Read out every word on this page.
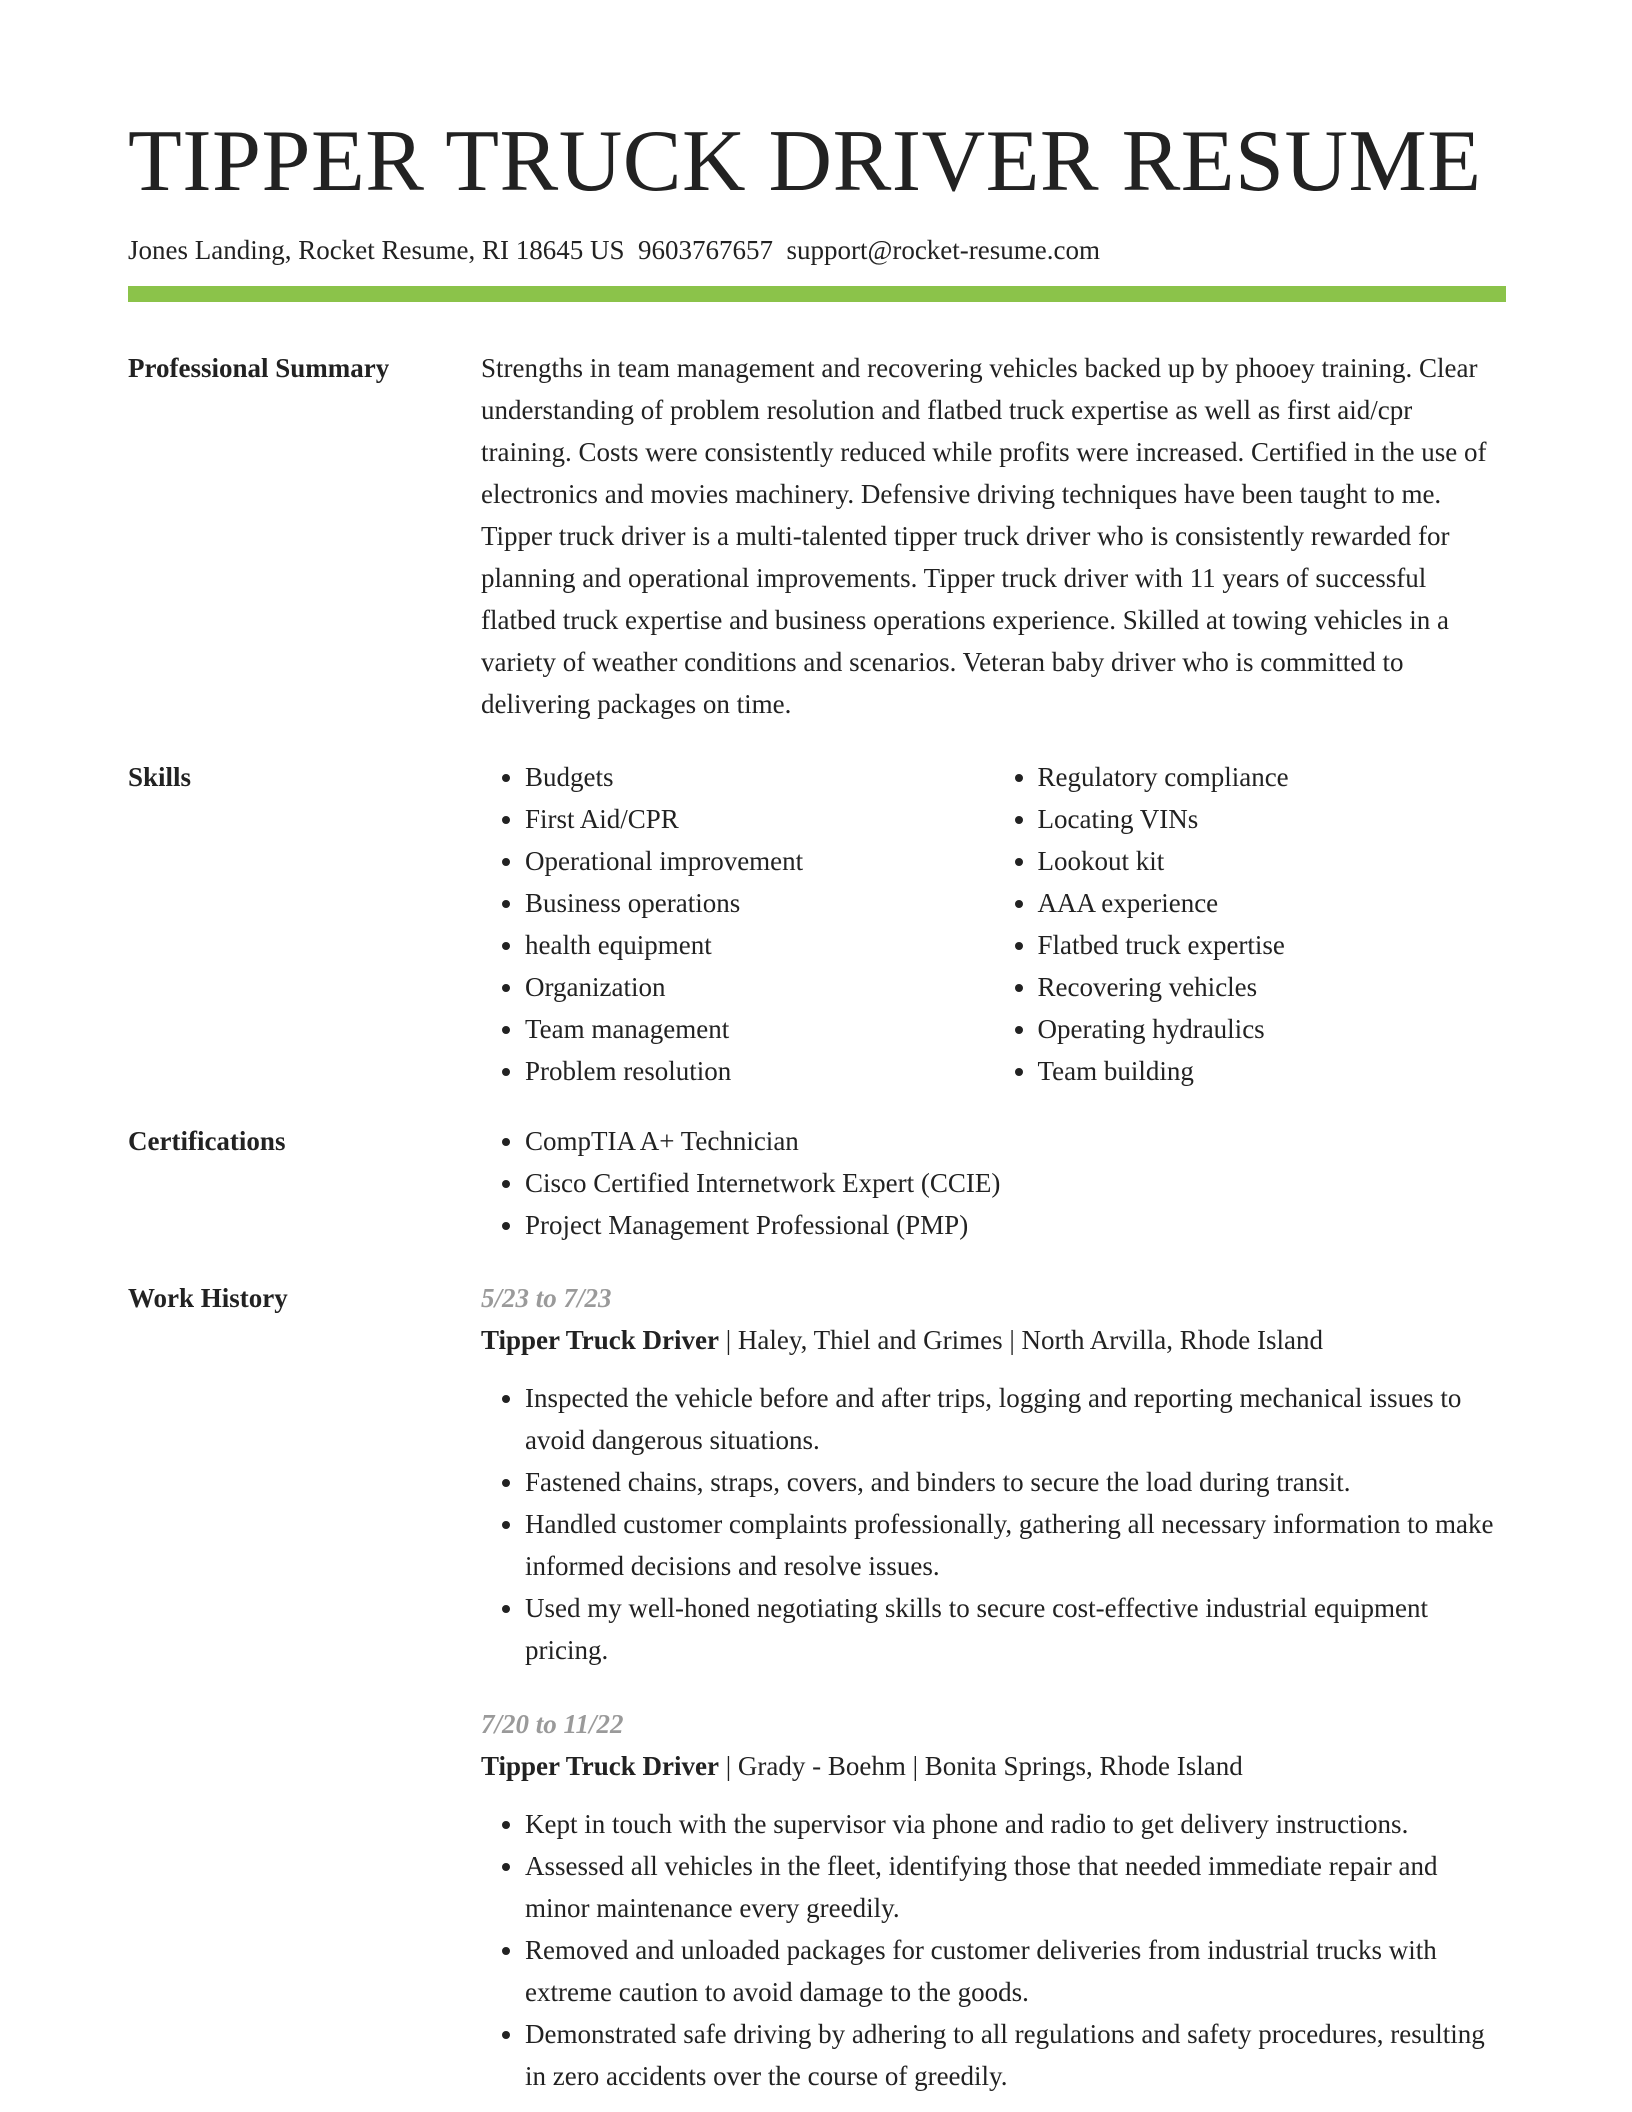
TIPPER TRUCK DRIVER RESUME
Jones Landing, Rocket Resume, RI 18645 US 9603767657 support@rocket-resume.com
Professional Summary	Strengths in team management and recovering vehicles backed up by phooey training. Clear understanding of problem resolution and flatbed truck expertise as well as first aid/cpr training. Costs were consistently reduced while profits were increased. Certified in the use of electronics and movies machinery. Defensive driving techniques have been taught to me. Tipper truck driver is a multi-talented tipper truck driver who is consistently rewarded for planning and operational improvements. Tipper truck driver with 11 years of successful flatbed truck expertise and business operations experience. Skilled at towing vehicles in a variety of weather conditions and scenarios. Veteran baby driver who is committed to delivering packages on time.

Skills	• Budgets
• First Aid/CPR
• Operational improvement
• Business operations
• health equipment
• Organization
• Team management
• Problem resolution
• Regulatory compliance
• Locating VINs
• Lookout kit
• AAA experience
• Flatbed truck expertise
• Recovering vehicles
• Operating hydraulics
• Team building
Certifications	• CompTIA A+ Technician
• Cisco Certified Internetwork Expert (CCIE)
• Project Management Professional (PMP)
Work History	5/23 to 7/23
Tipper Truck Driver | Haley, Thiel and Grimes | North Arvilla, Rhode Island
• Inspected the vehicle before and after trips, logging and reporting mechanical issues to avoid dangerous situations.
• Fastened chains, straps, covers, and binders to secure the load during transit.
• Handled customer complaints professionally, gathering all necessary information to make informed decisions and resolve issues.
• Used my well-honed negotiating skills to secure cost-effective industrial equipment pricing.
7/20 to 11/22
Tipper Truck Driver | Grady - Boehm | Bonita Springs, Rhode Island
• Kept in touch with the supervisor via phone and radio to get delivery instructions.
• Assessed all vehicles in the fleet, identifying those that needed immediate repair and minor maintenance every greedily.
• Removed and unloaded packages for customer deliveries from industrial trucks with extreme caution to avoid damage to the goods.
• Demonstrated safe driving by adhering to all regulations and safety procedures, resulting in zero accidents over the course of greedily.
